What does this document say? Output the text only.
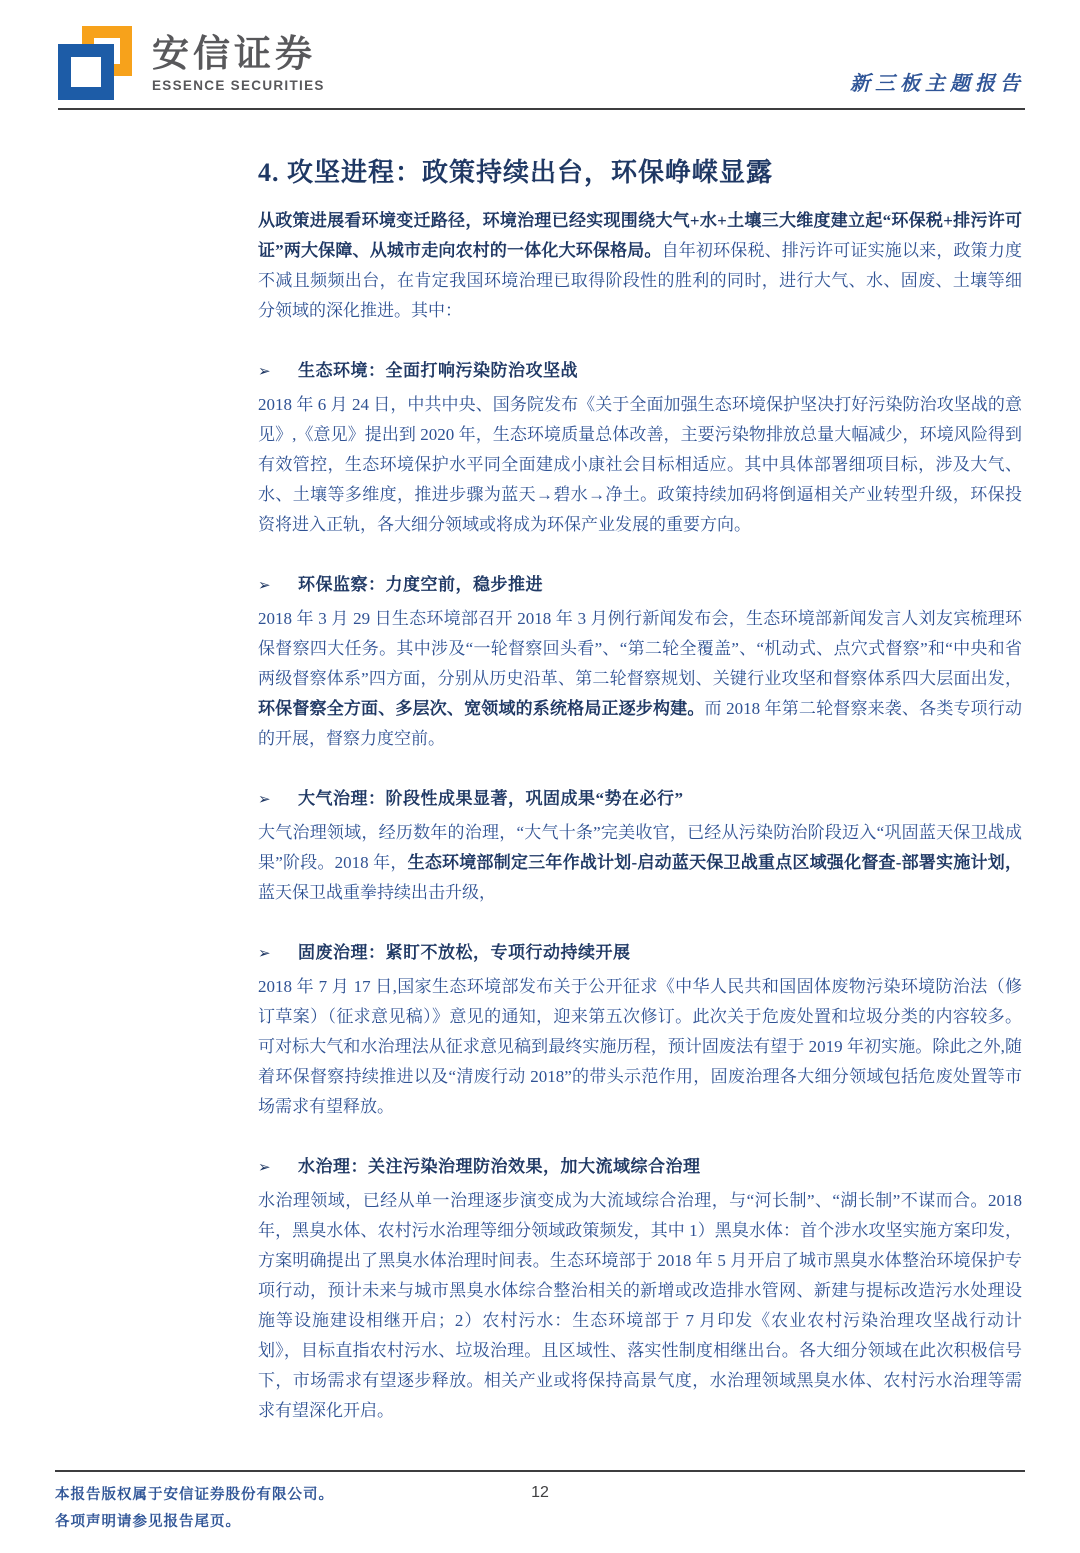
安信证券
ESSENCE SECURITIES	新三板主题报告
4. 攻坚进程：政策持续出台，环保峥嵘显露

从政策进展看环境变迁路径，环境治理已经实现围绕大气+水+土壤三大维度建立起“环保税+排污许可证”两大保障、从城市走向农村的一体化大环保格局。自年初环保税、排污许可证实施以来，政策力度不减且频频出台，在肯定我国环境治理已取得阶段性的胜利的同时，进行大气、水、固废、土壤等细分领域的深化推进。其中：

➢	生态环境：全面打响污染防治攻坚战

2018 年 6 月 24 日，中共中央、国务院发布《关于全面加强生态环境保护坚决打好污染防治攻坚战的意见》,《意见》提出到 2020 年，生态环境质量总体改善，主要污染物排放总量大幅减少，环境风险得到有效管控，生态环境保护水平同全面建成小康社会目标相适应。其中具体部署细项目标，涉及大气、水、土壤等多维度，推进步骤为蓝天→碧水→净土。政策持续加码将倒逼相关产业转型升级，环保投资将进入正轨，各大细分领域或将成为环保产业发展的重要方向。

➢	环保监察：力度空前，稳步推进

2018 年 3 月 29 日生态环境部召开 2018 年 3 月例行新闻发布会，生态环境部新闻发言人刘友宾梳理环保督察四大任务。其中涉及“一轮督察回头看”、“第二轮全覆盖”、“机动式、点穴式督察”和“中央和省两级督察体系”四方面，分别从历史沿革、第二轮督察规划、关键行业攻坚和督察体系四大层面出发，环保督察全方面、多层次、宽领域的系统格局正逐步构建。而 2018 年第二轮督察来袭、各类专项行动的开展，督察力度空前。

➢	大气治理：阶段性成果显著，巩固成果“势在必行”

大气治理领域，经历数年的治理，“大气十条”完美收官，已经从污染防治阶段迈入“巩固蓝天保卫战成果”阶段。2018 年，生态环境部制定三年作战计划-启动蓝天保卫战重点区域强化督查-部署实施计划，蓝天保卫战重拳持续出击升级，

➢	固废治理：紧盯不放松，专项行动持续开展

2018 年 7 月 17 日,国家生态环境部发布关于公开征求《中华人民共和国固体废物污染环境防治法（修订草案）（征求意见稿）》意见的通知，迎来第五次修订。此次关于危废处置和垃圾分类的内容较多。可对标大气和水治理法从征求意见稿到最终实施历程，预计固废法有望于 2019 年初实施。除此之外,随着环保督察持续推进以及“清废行动 2018”的带头示范作用，固废治理各大细分领域包括危废处置等市场需求有望释放。

➢	水治理：关注污染治理防治效果，加大流域综合治理

水治理领域，已经从单一治理逐步演变成为大流域综合治理，与“河长制”、“湖长制”不谋而合。2018 年，黑臭水体、农村污水治理等细分领域政策频发，其中 1）黑臭水体：首个涉水攻坚实施方案印发，方案明确提出了黑臭水体治理时间表。生态环境部于 2018 年 5 月开启了城市黑臭水体整治环境保护专项行动，预计未来与城市黑臭水体综合整治相关的新增或改造排水管网、新建与提标改造污水处理设施等设施建设相继开启；2）农村污水：生态环境部于 7 月印发《农业农村污染治理攻坚战行动计划》，目标直指农村污水、垃圾治理。且区域性、落实性制度相继出台。各大细分领域在此次积极信号下，市场需求有望逐步释放。相关产业或将保持高景气度，水治理领域黑臭水体、农村污水治理等需求有望深化开启。

本报告版权属于安信证券股份有限公司。
各项声明请参见报告尾页。
12
